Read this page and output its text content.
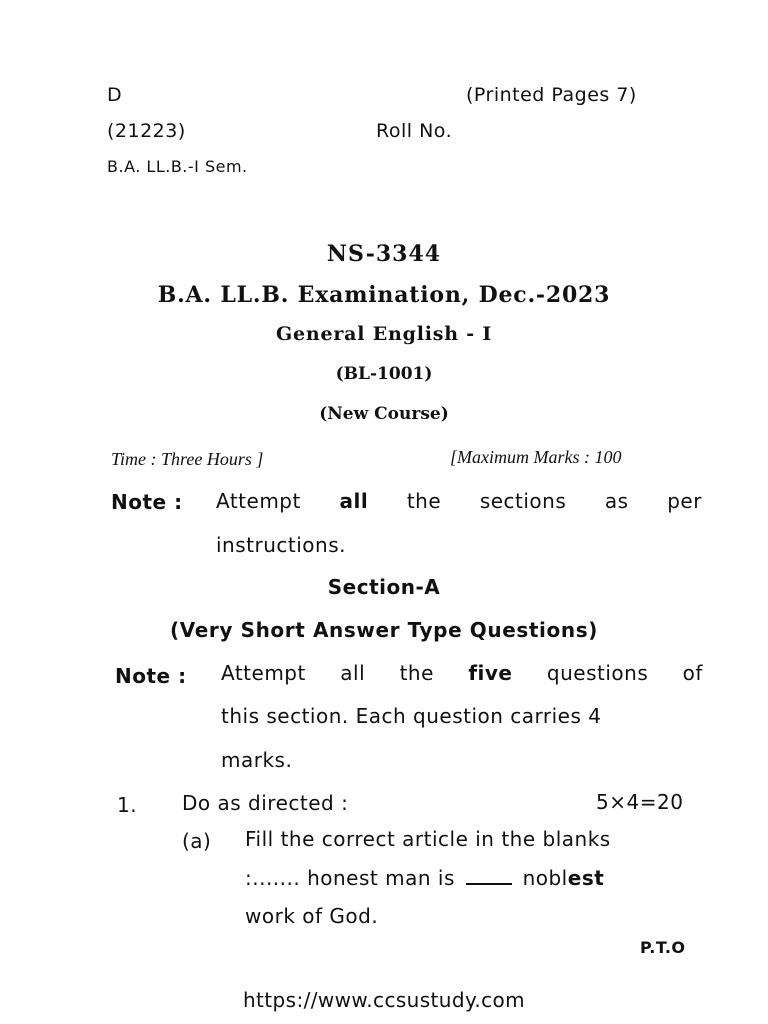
D	(Printed Pages 7)
(21223)	Roll No.
B.A. LL.B.-I Sem.
NS-3344
B.A. LL.B. Examination, Dec.-2023
General English - I
(BL-1001)
(New Course)
Time : Three Hours ]	[Maximum Marks : 100
Note : Attempt all the sections as per
instructions.
Section-A
(Very Short Answer Type Questions)
Note : Attempt all the five questions of
this section. Each question carries 4
marks.
1. Do as directed :	5×4=20
(a) Fill the correct article in the blanks
:....... honest man is	noblest
work of God.
P.T.O
https://www.ccsustudy.com
